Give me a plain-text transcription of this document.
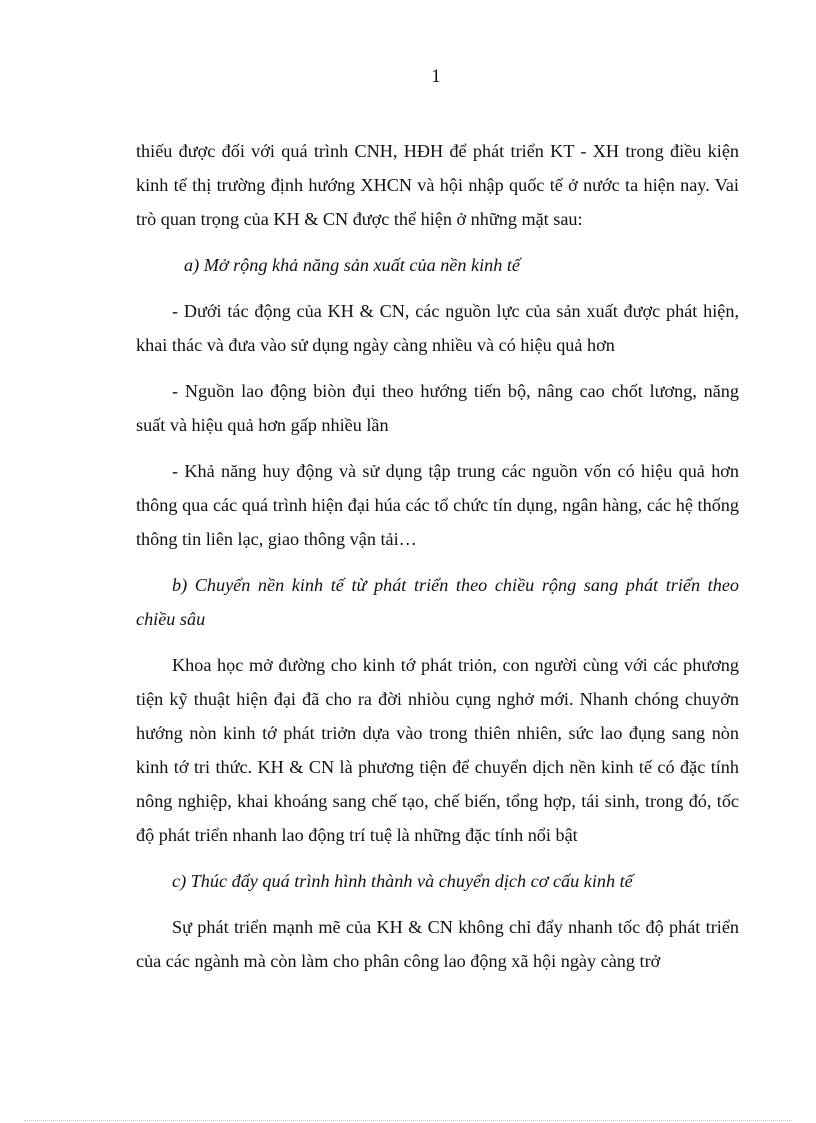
1

thiếu được đối với quá trình CNH, HĐH để phát triển KT - XH trong điều kiện kinh tế thị trường định hướng XHCN và hội nhập quốc tế ở nước ta hiện nay. Vai trò quan trọng của KH & CN được thể hiện ở những mặt sau:

a) Mở rộng khả năng sản xuất của nền kinh tế

- Dưới tác động của KH & CN, các nguồn lực của sản xuất được phát hiện, khai thác và đưa vào sử dụng ngày càng nhiều và có hiệu quả hơn

- Nguồn lao động biòn đụi theo hướng tiến bộ, nâng cao chốt lương, năng suất và hiệu quả hơn gấp nhiều lần

- Khả năng huy động và sử dụng tập trung các nguồn vốn có hiệu quả hơn thông qua các quá trình hiện đại húa các tổ chức tín dụng, ngân hàng, các hệ thống thông tin liên lạc, giao thông vận tải…

b) Chuyển nền kinh tế từ phát triển theo chiều rộng sang phát triển theo chiều sâu

Khoa học mở đường cho kinh tớ phát triỏn, con người cùng với các phương tiện kỹ thuật hiện đại đã cho ra đời nhiòu cụng nghở mới. Nhanh chóng chuyởn hướng nòn kinh tớ phát triởn dựa vào trong thiên nhiên, sức lao đụng sang nòn kinh tớ tri thức. KH & CN là phương tiện để chuyển dịch nền kinh tế có đặc tính nông nghiệp, khai khoáng sang chế tạo, chế biến, tổng hợp, tái sinh, trong đó, tốc độ phát triển nhanh lao động trí tuệ là những đặc tính nổi bật

c) Thúc đẩy quá trình hình thành và chuyển dịch cơ cấu kinh tế

Sự phát triển mạnh mẽ của KH & CN không chỉ đẩy nhanh tốc độ phát triển của các ngành mà còn làm cho phân công lao động xã hội ngày càng trở
